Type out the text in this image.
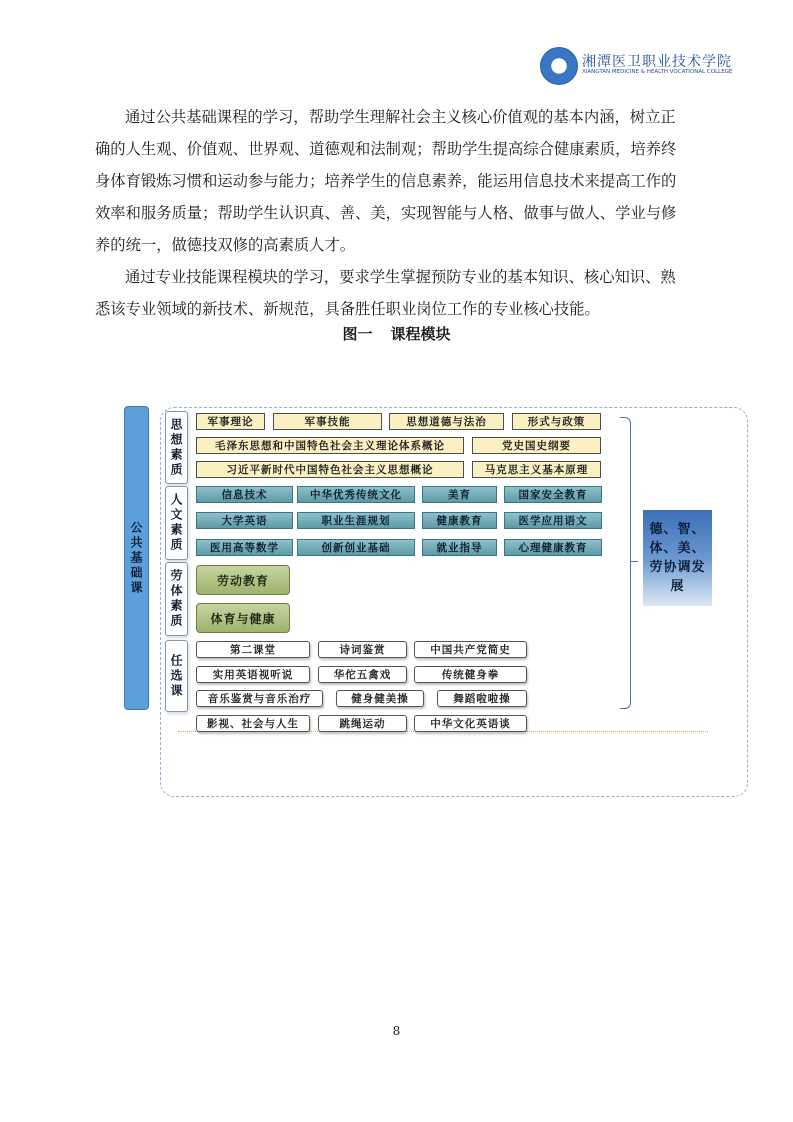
湘潭医卫职业技术学院
XIANGTAN MEDICINE & HEALTH VOCATIONAL COLLEGE
通过公共基础课程的学习，帮助学生理解社会主义核心价值观的基本内涵，树立正
确的人生观、价值观、世界观、道德观和法制观；帮助学生提高综合健康素质，培养终
身体育锻炼习惯和运动参与能力；培养学生的信息素养，能运用信息技术来提高工作的
效率和服务质量；帮助学生认识真、善、美，实现智能与人格、做事与做人、学业与修
养的统一，做德技双修的高素质人才。
通过专业技能课程模块的学习，要求学生掌握预防专业的基本知识、核心知识、熟
悉该专业领域的新技术、新规范，具备胜任职业岗位工作的专业核心技能。
图一 课程模块
公共基础课
思想素质
人文素质
劳体素质
任选课
军事理论	军事技能	思想道德与法治	形式与政策
毛泽东思想和中国特色社会主义理论体系概论	党史国史纲要
习近平新时代中国特色社会主义思想概论	马克思主义基本原理
信息技术	中华优秀传统文化	美育	国家安全教育
大学英语	职业生涯规划	健康教育	医学应用语文
医用高等数学	创新创业基础	就业指导	心理健康教育
劳动教育
体育与健康
第二课堂	诗词鉴赏	中国共产党简史
实用英语视听说	华佗五禽戏	传统健身拳
音乐鉴赏与音乐治疗	健身健美操	舞蹈啦啦操
影视、社会与人生	跳绳运动	中华文化英语谈
德、智、
体、美、
劳协调发
展
8
